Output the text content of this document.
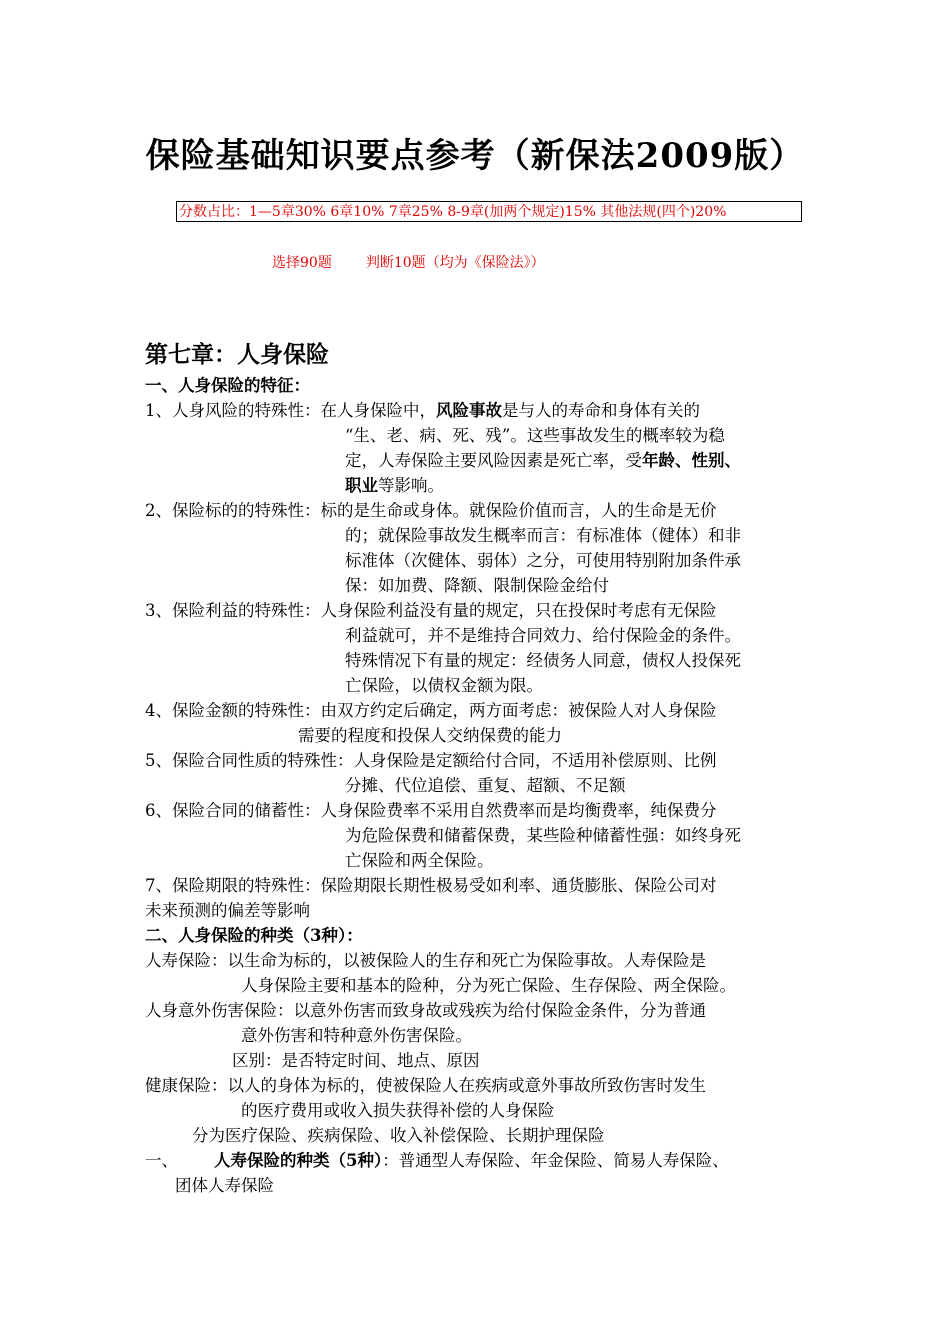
保险基础知识要点参考（新保法2009版）
分数占比：1—5章30% 6章10% 7章25% 8-9章(加两个规定)15% 其他法规(四个)20%
选择90题 判断10题（均为《保险法》）
第七章：人身保险
一、人身保险的特征：
1、人身风险的特殊性：在人身保险中，风险事故是与人的寿命和身体有关的
“生、老、病、死、残”。这些事故发生的概率较为稳
定，人寿保险主要风险因素是死亡率，受年龄、性别、
职业等影响。
2、保险标的的特殊性：标的是生命或身体。就保险价值而言，人的生命是无价
的；就保险事故发生概率而言：有标准体（健体）和非
标准体（次健体、弱体）之分，可使用特别附加条件承
保：如加费、降额、限制保险金给付
3、保险利益的特殊性：人身保险利益没有量的规定，只在投保时考虑有无保险
利益就可，并不是维持合同效力、给付保险金的条件。
特殊情况下有量的规定：经债务人同意，债权人投保死
亡保险，以债权金额为限。
4、保险金额的特殊性：由双方约定后确定，两方面考虑：被保险人对人身保险
需要的程度和投保人交纳保费的能力
5、保险合同性质的特殊性：人身保险是定额给付合同，不适用补偿原则、比例
分摊、代位追偿、重复、超额、不足额
6、保险合同的储蓄性：人身保险费率不采用自然费率而是均衡费率，纯保费分
为危险保费和储蓄保费，某些险种储蓄性强：如终身死
亡保险和两全保险。
7、保险期限的特殊性：保险期限长期性极易受如利率、通货膨胀、保险公司对
未来预测的偏差等影响
二、人身保险的种类（3种）：
人寿保险：以生命为标的，以被保险人的生存和死亡为保险事故。人寿保险是
人身保险主要和基本的险种，分为死亡保险、生存保险、两全保险。
人身意外伤害保险：以意外伤害而致身故或残疾为给付保险金条件，分为普通
意外伤害和特种意外伤害保险。
区别：是否特定时间、地点、原因
健康保险：以人的身体为标的，使被保险人在疾病或意外事故所致伤害时发生
的医疗费用或收入损失获得补偿的人身保险
分为医疗保险、疾病保险、收入补偿保险、长期护理保险
一、 人寿保险的种类（5种）：普通型人寿保险、年金保险、简易人寿保险、
团体人寿保险
